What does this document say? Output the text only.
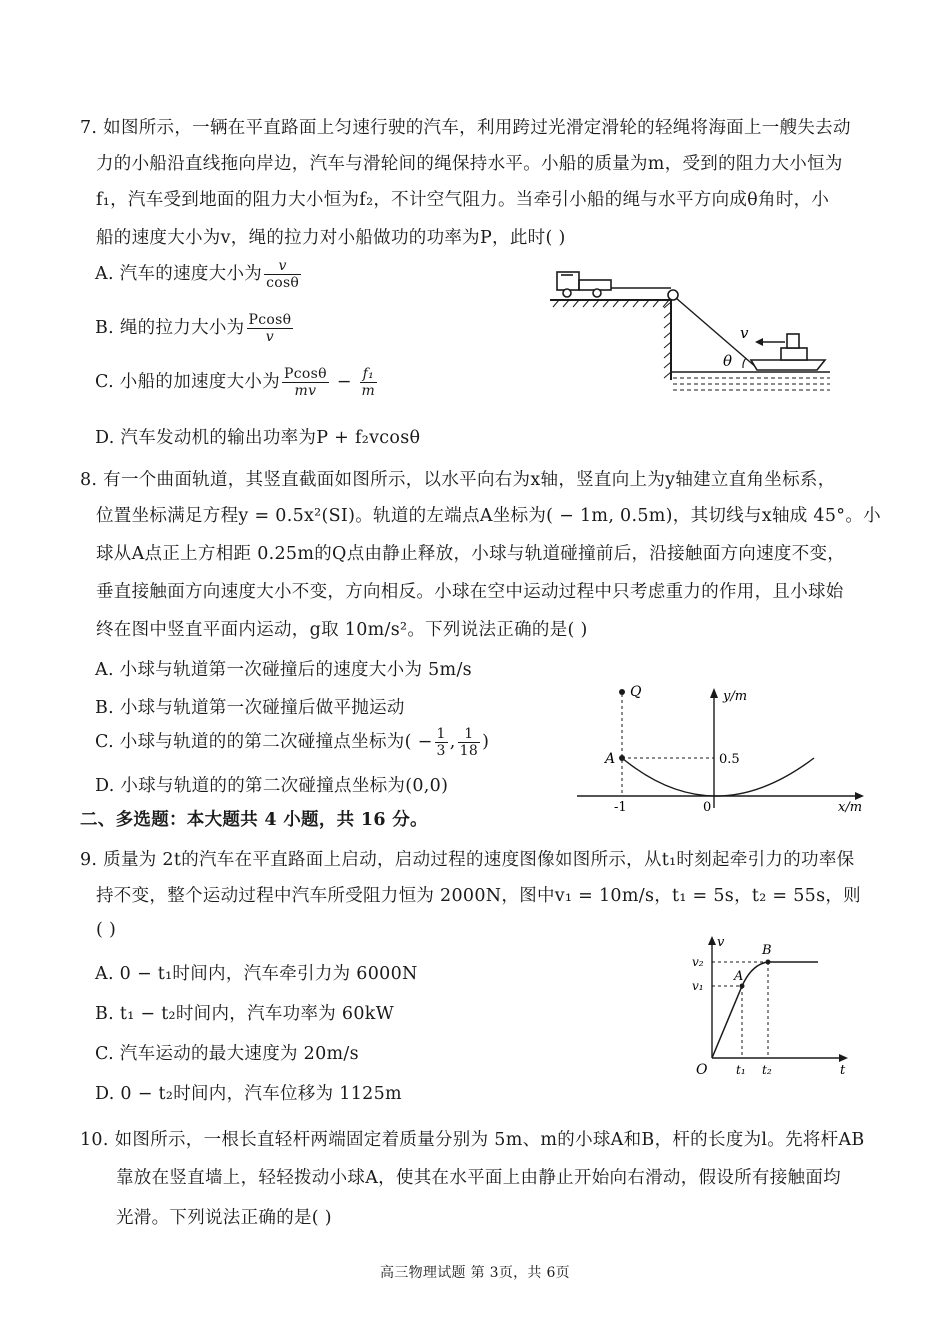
7. 如图所示，一辆在平直路面上匀速行驶的汽车，利用跨过光滑定滑轮的轻绳将海面上一艘失去动
力的小船沿直线拖向岸边，汽车与滑轮间的绳保持水平。小船的质量为m，受到的阻力大小恒为
f₁，汽车受到地面的阻力大小恒为f₂，不计空气阻力。当牵引小船的绳与水平方向成θ角时，小
船的速度大小为v，绳的拉力对小船做功的功率为P，此时( )
A. 汽车的速度大小为 $\frac{v}{\cos\theta}$
B. 绳的拉力大小为 $\frac{Pcos\theta}{v}$
C. 小船的加速度大小为 $\frac{Pcos\theta}{mv} - \frac{\text{f₁}}{m}$
D. 汽车发动机的输出功率为P + f₂vcosθ
θ
v
8. 有一个曲面轨道，其竖直截面如图所示，以水平向右为x轴，竖直向上为y轴建立直角坐标系，
位置坐标满足方程y = 0.5x²(SI)。轨道的左端点A坐标为( − 1m, 0.5m)，其切线与x轴成 45°。小
球从A点正上方相距 0.25m的Q点由静止释放，小球与轨道碰撞前后，沿接触面方向速度不变，
垂直接触面方向速度大小不变，方向相反。小球在空中运动过程中只考虑重力的作用，且小球始
终在图中竖直平面内运动，g取 10m/s²。下列说法正确的是( )
A. 小球与轨道第一次碰撞后的速度大小为 5m/s
B. 小球与轨道第一次碰撞后做平抛运动
C. 小球与轨道的的第二次碰撞点坐标为( − $\frac{1}{3}$ , $\frac{1}{18}$ )
D. 小球与轨道的的第二次碰撞点坐标为(0,0)
x/m
y/m
Q
A	0.5
-1	0
二、多选题：本大题共 4 小题，共 16 分。
9. 质量为 2t的汽车在平直路面上启动，启动过程的速度图像如图所示，从t₁时刻起牵引力的功率保
持不变，整个运动过程中汽车所受阻力恒为 2000N，图中v₁ = 10m/s，t₁ = 5s，t₂ = 55s，则
( )
A. 0 − t₁时间内，汽车牵引力为 6000N
B. t₁ − t₂时间内，汽车功率为 60kW
C. 汽车运动的最大速度为 20m/s
D. 0 − t₂时间内，汽车位移为 1125m
v
t
O
A
B
v₁
v₂
t₁ t₂
10. 如图所示，一根长直轻杆两端固定着质量分别为 5m、m的小球A和B，杆的长度为l。先将杆AB
靠放在竖直墙上，轻轻拨动小球A，使其在水平面上由静止开始向右滑动，假设所有接触面均
光滑。下列说法正确的是( )
高三物理试题 第 3页，共 6页
